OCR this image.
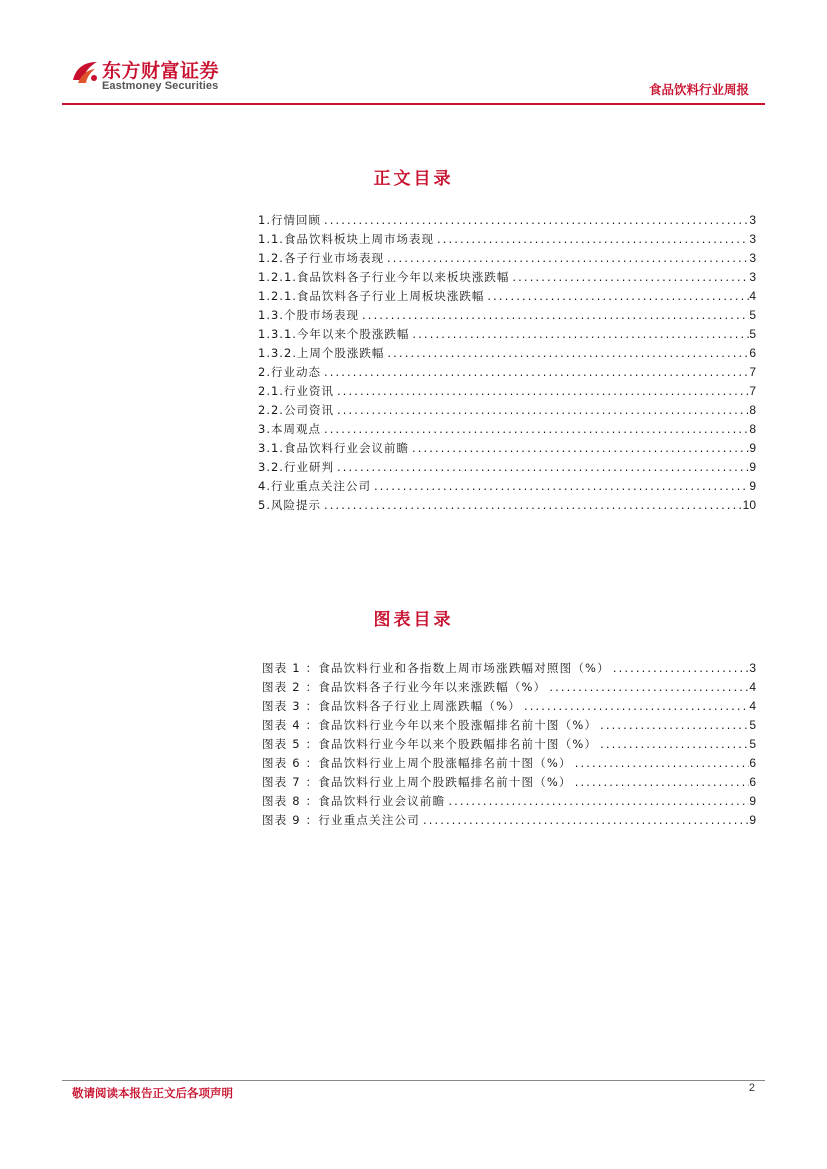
东方财富证券
Eastmoney Securities	食品饮料行业周报
正文目录
1.行情回顾 .....	3
1.1.食品饮料板块上周市场表现 .....	3
1.2.各子行业市场表现 .....	3
1.2.1.食品饮料各子行业今年以来板块涨跌幅 .....	3
1.2.1.食品饮料各子行业上周板块涨跌幅 .....	4
1.3.个股市场表现 .....	5
1.3.1.今年以来个股涨跌幅 .....	5
1.3.2.上周个股涨跌幅 .....	6
2.行业动态 .....	7
2.1.行业资讯 .....	7
2.2.公司资讯 .....	8
3.本周观点 .....	8
3.1.食品饮料行业会议前瞻 .....	9
3.2.行业研判 .....	9
4.行业重点关注公司 .....	9
5.风险提示 .....	10
图表目录
图表 1 ：食品饮料行业和各指数上周市场涨跌幅对照图（%） .....	3
图表 2 ：食品饮料各子行业今年以来涨跌幅（%） .....	4
图表 3 ：食品饮料各子行业上周涨跌幅（%） .....	4
图表 4 ：食品饮料行业今年以来个股涨幅排名前十图（%） .....	5
图表 5 ：食品饮料行业今年以来个股跌幅排名前十图（%） .....	5
图表 6 ：食品饮料行业上周个股涨幅排名前十图（%） .....	6
图表 7 ：食品饮料行业上周个股跌幅排名前十图（%） .....	6
图表 8 ：食品饮料行业会议前瞻 .....	9
图表 9 ：行业重点关注公司 .....	9
敬请阅读本报告正文后各项声明	2
